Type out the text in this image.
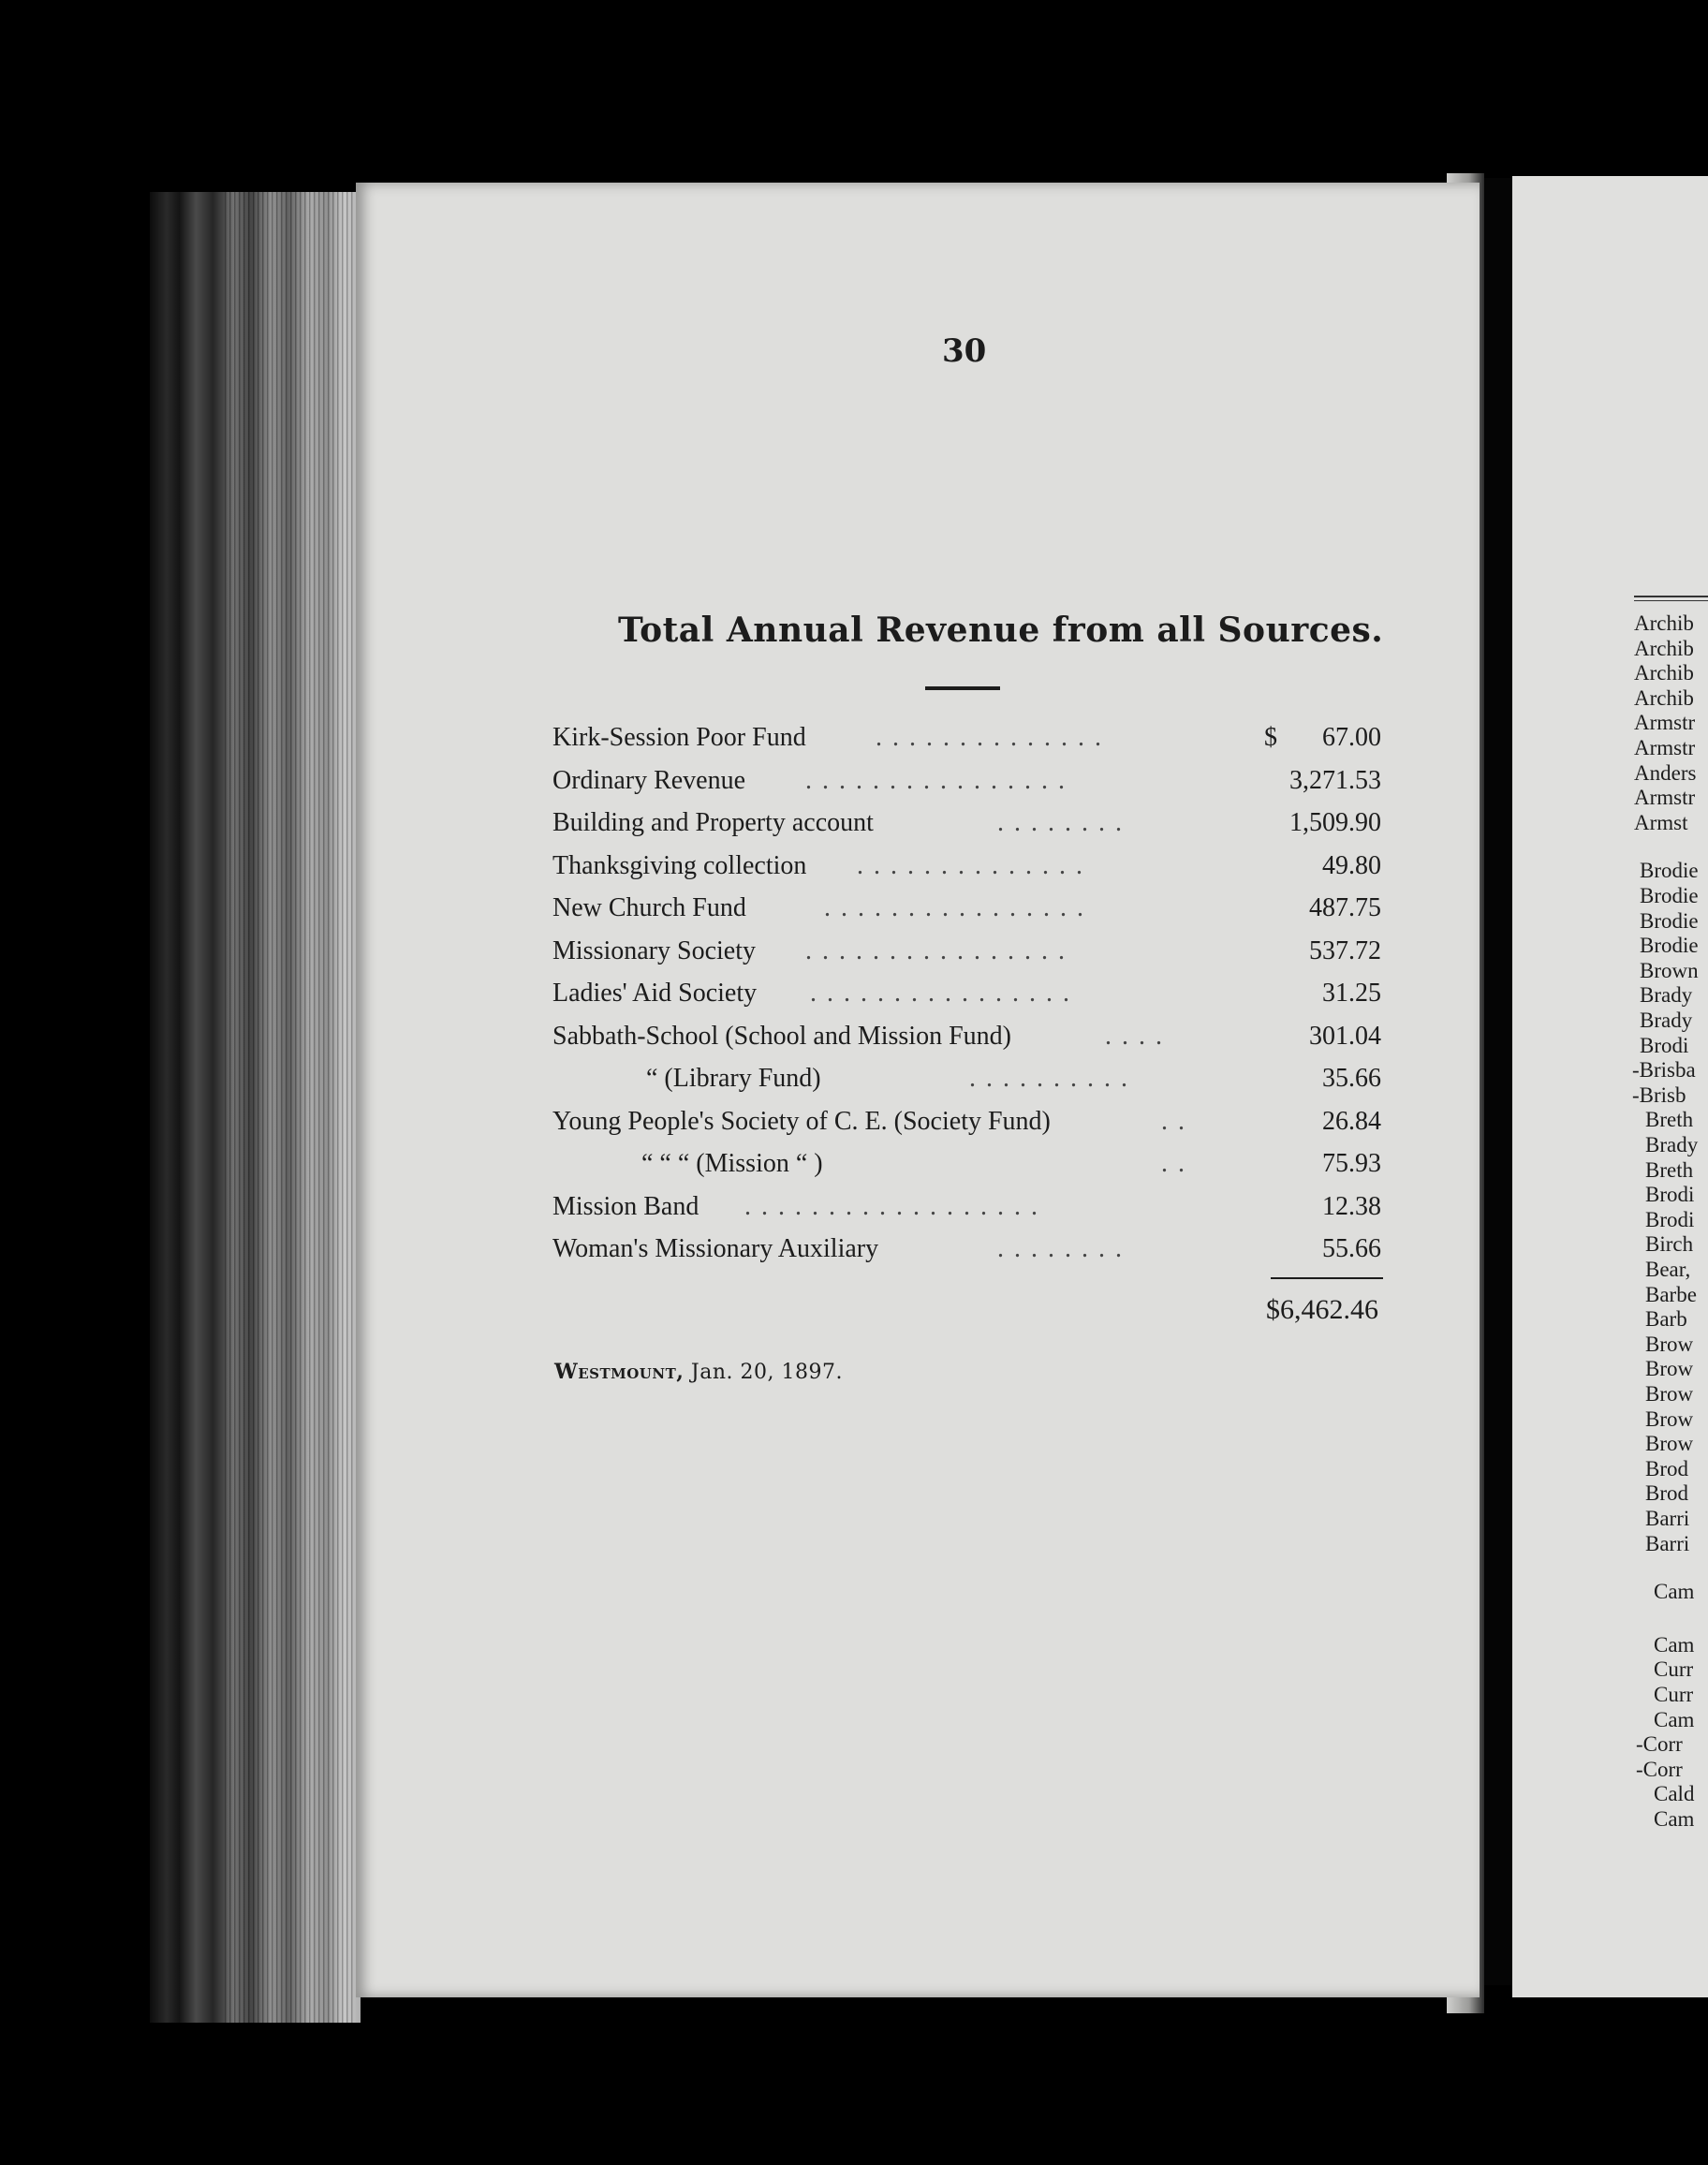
Archib
Archib
Archib
Archib
Armstr
Armstr
Anders
Armstr
Armst
Brodie
Brodie
Brodie
Brodie
Brown
Brady
Brady
Brodi
-Brisba
-Brisb
Breth
Brady
Breth
Brodi
Brodi
Birch
Bear,
Barbe
Barb
Brow
Brow
Brow
Brow
Brow
Brod
Brod
Barri
Barri
Cam
Cam
Curr
Curr
Cam
-Corr
-Corr
Cald
Cam
30
Total Annual Revenue from all Sources.
Kirk-Session Poor Fund	. . . . . . . . . . . . . .	$ 67.00
Ordinary Revenue . . . . . . . . . . . . . . . .	3,271.53
Building and Property account	. . . . . . . .	1,509.90
Thanksgiving collection . . . . . . . . . . . . . .	49.80
New Church Fund	. . . . . . . . . . . . . . . .	487.75
Missionary Society . . . . . . . . . . . . . . . .	537.72
Ladies' Aid Society . . . . . . . . . . . . . . . .	31.25
Sabbath-School (School and Mission Fund)	. . . .	301.04
“ (Library Fund)	. . . . . . . . . .	35.66
Young People's Society of C. E. (Society Fund)	. .	26.84
“ “ “ (Mission “ )	. .	75.93
Mission Band . . . . . . . . . . . . . . . . . .	12.38
Woman's Missionary Auxiliary	. . . . . . . .	55.66
$6,462.46
Westmount, Jan. 20, 1897.
